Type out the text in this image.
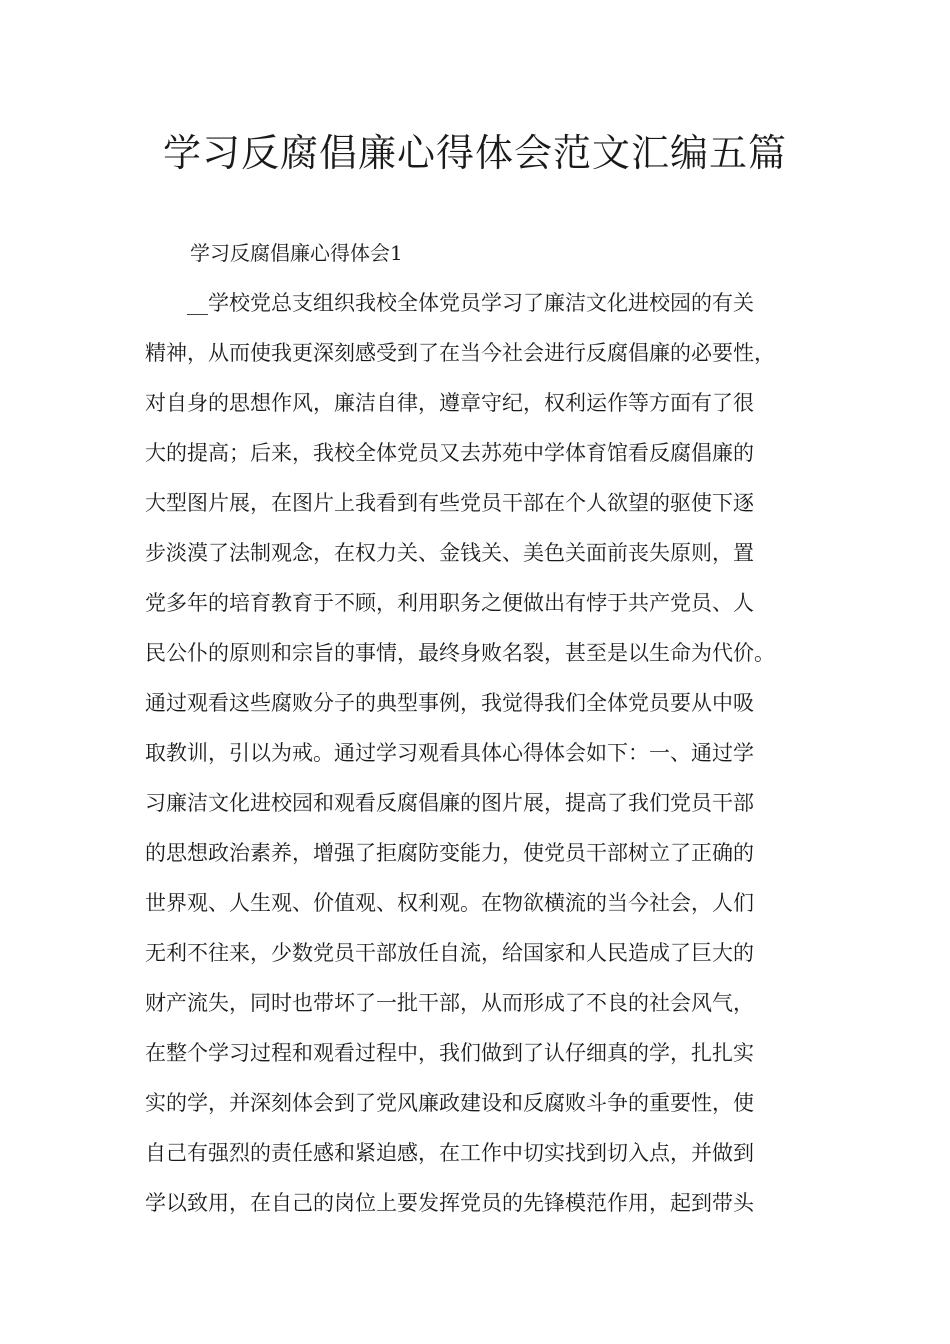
学习反腐倡廉心得体会范文汇编五篇

学习反腐倡廉心得体会1

__学校党总支组织我校全体党员学习了廉洁文化进校园的有关
精神，从而使我更深刻感受到了在当今社会进行反腐倡廉的必要性，
对自身的思想作风，廉洁自律，遵章守纪，权利运作等方面有了很
大的提高；后来，我校全体党员又去苏苑中学体育馆看反腐倡廉的
大型图片展，在图片上我看到有些党员干部在个人欲望的驱使下逐
步淡漠了法制观念，在权力关、金钱关、美色关面前丧失原则，置
党多年的培育教育于不顾，利用职务之便做出有悖于共产党员、人
民公仆的原则和宗旨的事情，最终身败名裂，甚至是以生命为代价。
通过观看这些腐败分子的典型事例，我觉得我们全体党员要从中吸
取教训，引以为戒。通过学习观看具体心得体会如下：一、通过学
习廉洁文化进校园和观看反腐倡廉的图片展，提高了我们党员干部
的思想政治素养，增强了拒腐防变能力，使党员干部树立了正确的
世界观、人生观、价值观、权利观。在物欲横流的当今社会，人们
无利不往来，少数党员干部放任自流，给国家和人民造成了巨大的
财产流失，同时也带坏了一批干部，从而形成了不良的社会风气，
在整个学习过程和观看过程中，我们做到了认仔细真的学，扎扎实
实的学，并深刻体会到了党风廉政建设和反腐败斗争的重要性，使
自己有强烈的责任感和紧迫感，在工作中切实找到切入点，并做到
学以致用，在自己的岗位上要发挥党员的先锋模范作用，起到带头
